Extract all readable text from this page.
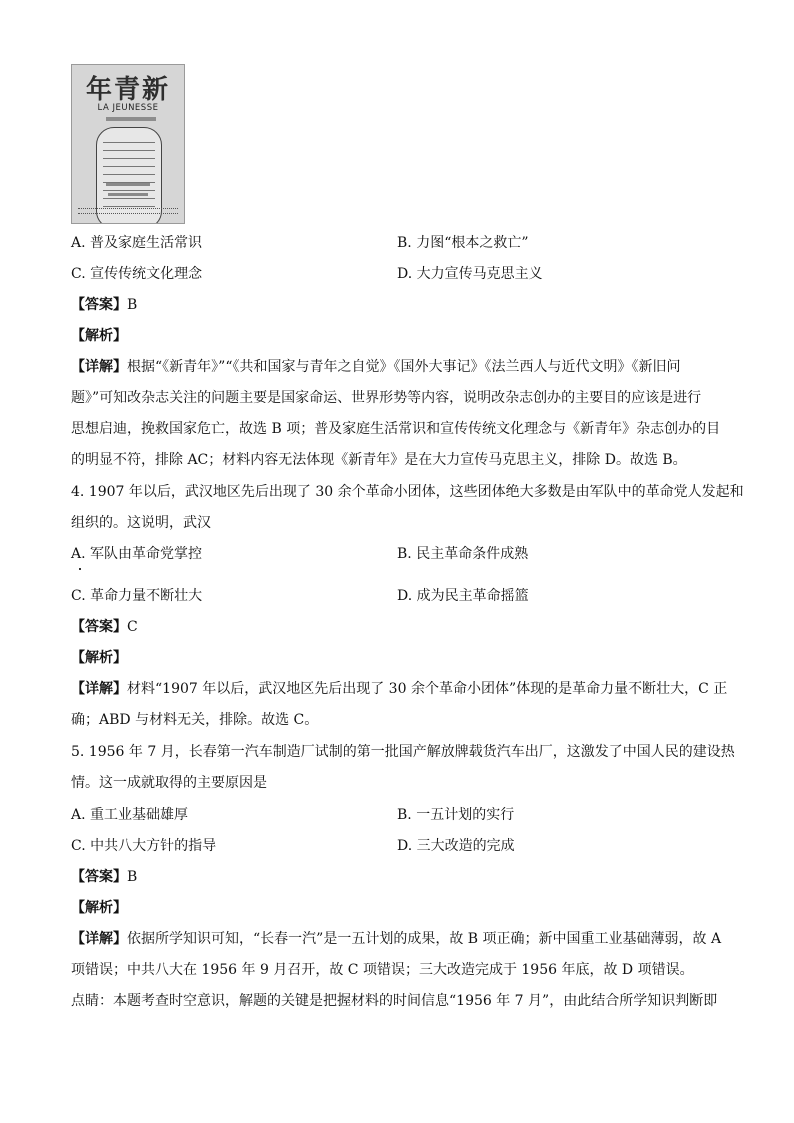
年青新
LA JEUNESSE
A. 普及家庭生活常识	B. 力图“根本之救亡”
C. 宣传传统文化理念	D. 大力宣传马克思主义
【答案】B
【解析】
【详解】根据“《新青年》”“《共和国家与青年之自觉》《国外大事记》《法兰西人与近代文明》《新旧问
题》”可知改杂志关注的问题主要是国家命运、世界形势等内容，说明改杂志创办的主要目的应该是进行
思想启迪，挽救国家危亡，故选 B 项；普及家庭生活常识和宣传传统文化理念与《新青年》杂志创办的目
的明显不符，排除 AC；材料内容无法体现《新青年》是在大力宣传马克思主义，排除 D。故选 B。
4. 1907 年以后，武汉地区先后出现了 30 余个革命小团体，这些团体绝大多数是由军队中的革命党人发起和
组织的。这说明，武汉
A. 军队由革命党掌控	B. 民主革命条件成熟
C. 革命力量不断壮大	D. 成为民主革命摇篮
【答案】C
【解析】
【详解】材料“1907 年以后，武汉地区先后出现了 30 余个革命小团体”体现的是革命力量不断壮大，C 正
确；ABD 与材料无关，排除。故选 C。
5. 1956 年 7 月，长春第一汽车制造厂试制的第一批国产解放牌载货汽车出厂，这激发了中国人民的建设热
情。这一成就取得的主要原因是
A. 重工业基础雄厚	B. 一五计划的实行
C. 中共八大方针的指导	D. 三大改造的完成
【答案】B
【解析】
【详解】依据所学知识可知，“长春一汽”是一五计划的成果，故 B 项正确；新中国重工业基础薄弱，故 A
项错误；中共八大在 1956 年 9 月召开，故 C 项错误；三大改造完成于 1956 年底，故 D 项错误。
点睛：本题考查时空意识，解题的关键是把握材料的时间信息“1956 年 7 月”，由此结合所学知识判断即
